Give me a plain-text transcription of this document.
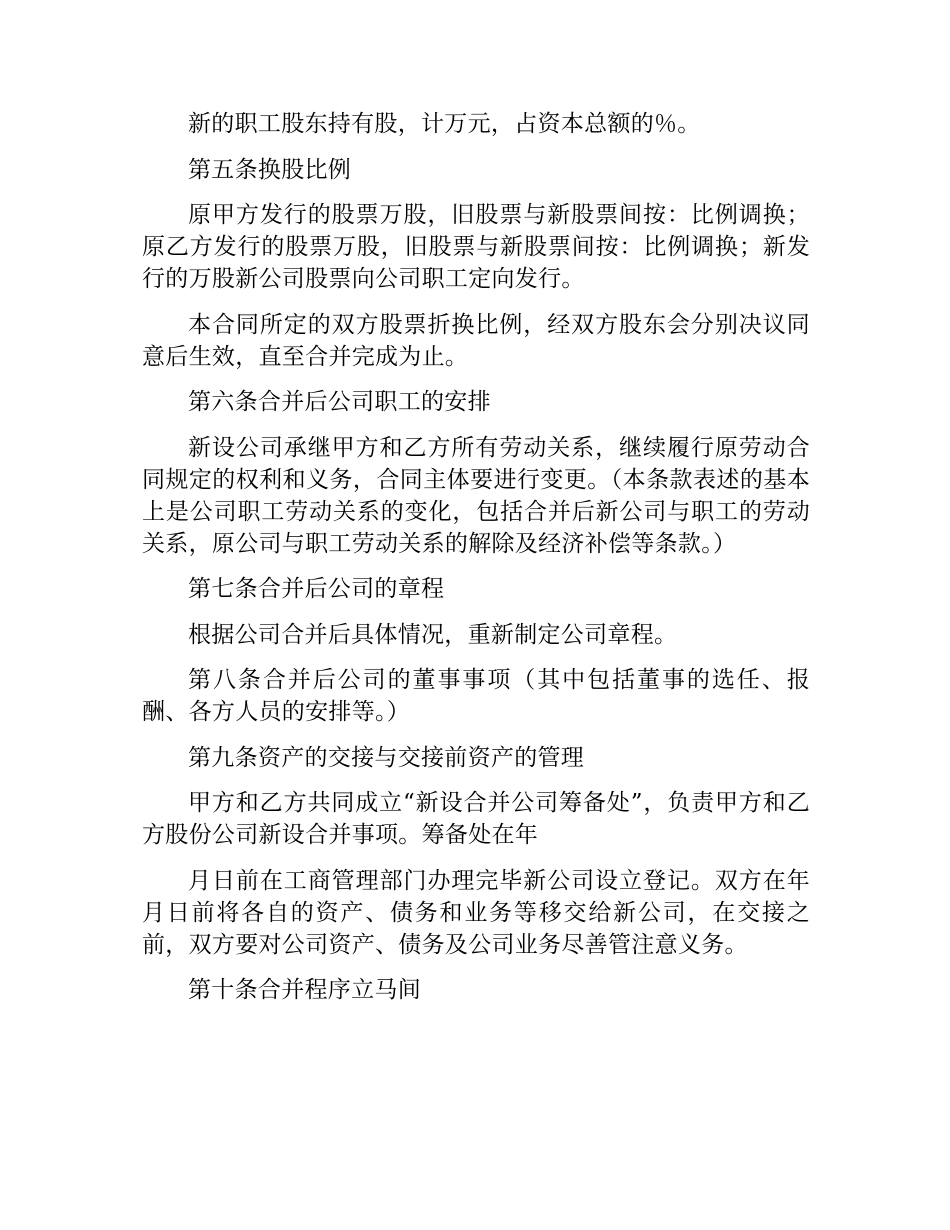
新的职工股东持有股，计万元，占资本总额的％。

第五条换股比例

原甲方发行的股票万股，旧股票与新股票间按：比例调换；原乙方发行的股票万股，旧股票与新股票间按：比例调换；新发行的万股新公司股票向公司职工定向发行。

本合同所定的双方股票折换比例，经双方股东会分别决议同意后生效，直至合并完成为止。

第六条合并后公司职工的安排

新设公司承继甲方和乙方所有劳动关系，继续履行原劳动合同规定的权利和义务，合同主体要进行变更。（本条款表述的基本上是公司职工劳动关系的变化，包括合并后新公司与职工的劳动关系，原公司与职工劳动关系的解除及经济补偿等条款。）

第七条合并后公司的章程

根据公司合并后具体情况，重新制定公司章程。

第八条合并后公司的董事事项（其中包括董事的选任、报酬、各方人员的安排等。）

第九条资产的交接与交接前资产的管理

甲方和乙方共同成立“新设合并公司筹备处”，负责甲方和乙方股份公司新设合并事项。筹备处在年

月日前在工商管理部门办理完毕新公司设立登记。双方在年月日前将各自的资产、债务和业务等移交给新公司，在交接之前，双方要对公司资产、债务及公司业务尽善管注意义务。

第十条合并程序立马间
